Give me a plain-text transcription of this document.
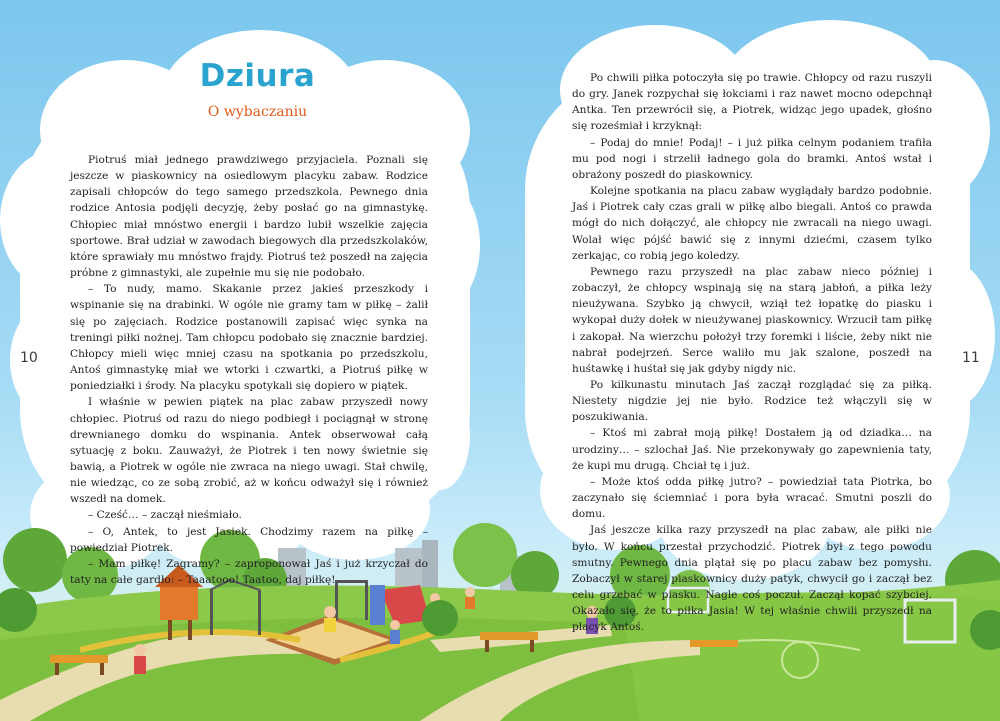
Dziura
O wybaczaniu
10	11

Piotruś miał jednego prawdziwego przyjaciela. Poznali się jeszcze w piaskownicy na osiedlowym placyku zabaw. Rodzice zapisali chłopców do tego samego przedszkola. Pewnego dnia rodzice Antosia podjęli decyzję, żeby posłać go na gimnastykę. Chłopiec miał mnóstwo energii i bardzo lubił wszelkie zajęcia sportowe. Brał udział w zawodach biegowych dla przedszkolaków, które sprawiały mu mnóstwo frajdy. Piotruś też poszedł na zajęcia próbne z gimnastyki, ale zupełnie mu się nie podobało.

– To nudy, mamo. Skakanie przez jakieś przeszkody i wspinanie się na drabinki. W ogóle nie gramy tam w piłkę – żalił się po zajęciach. Rodzice postanowili zapisać więc synka na treningi piłki nożnej. Tam chłopcu podobało się znacznie bardziej. Chłopcy mieli więc mniej czasu na spotkania po przedszkolu, Antoś gimnastykę miał we wtorki i czwartki, a Piotruś piłkę w poniedziałki i środy. Na placyku spotykali się dopiero w piątek.

I właśnie w pewien piątek na plac zabaw przyszedł nowy chłopiec. Piotruś od razu do niego podbiegł i pociągnął w stronę drewnianego domku do wspinania. Antek obserwował całą sytuację z boku. Zauważył, że Piotrek i ten nowy świetnie się bawią, a Piotrek w ogóle nie zwraca na niego uwagi. Stał chwilę, nie wiedząc, co ze sobą zrobić, aż w końcu odważył się i również wszedł na domek.

– Cześć… – zaczął nieśmiało.

– O, Antek, to jest Jasiek. Chodzimy razem na piłkę – powiedział Piotrek.

– Mam piłkę! Zagramy? – zaproponował Jaś i już krzyczał do taty na całe gardło: – Taaatooo! Taatoo, daj piłkę!

Po chwili piłka potoczyła się po trawie. Chłopcy od razu ruszyli do gry. Janek rozpychał się łokciami i raz nawet mocno odepchnął Antka. Ten przewrócił się, a Piotrek, widząc jego upadek, głośno się roześmiał i krzyknął:

– Podaj do mnie! Podaj! – i już piłka celnym podaniem trafiła mu pod nogi i strzelił ładnego gola do bramki. Antoś wstał i obrażony poszedł do piaskownicy.

Kolejne spotkania na placu zabaw wyglądały bardzo podobnie. Jaś i Piotrek cały czas grali w piłkę albo biegali. Antoś co prawda mógł do nich dołączyć, ale chłopcy nie zwracali na niego uwagi. Wolał więc pójść bawić się z innymi dziećmi, czasem tylko zerkając, co robią jego koledzy.

Pewnego razu przyszedł na plac zabaw nieco później i zobaczył, że chłopcy wspinają się na starą jabłoń, a piłka leży nieużywana. Szybko ją chwycił, wziął też łopatkę do piasku i wykopał duży dołek w nieużywanej piaskownicy. Wrzucił tam piłkę i zakopał. Na wierzchu położył trzy foremki i liście, żeby nikt nie nabrał podejrzeń. Serce waliło mu jak szalone, poszedł na huśtawkę i huśtał się jak gdyby nigdy nic.

Po kilkunastu minutach Jaś zaczął rozglądać się za piłką. Niestety nigdzie jej nie było. Rodzice też włączyli się w poszukiwania.

– Ktoś mi zabrał moją piłkę! Dostałem ją od dziadka… na urodziny… – szlochał Jaś. Nie przekonywały go zapewnienia taty, że kupi mu drugą. Chciał tę i już.

– Może ktoś odda piłkę jutro? – powiedział tata Piotrka, bo zaczynało się ściemniać i pora była wracać. Smutni poszli do domu.

Jaś jeszcze kilka razy przyszedł na plac zabaw, ale piłki nie było. W końcu przestał przychodzić. Piotrek był z tego powodu smutny. Pewnego dnia plątał się po placu zabaw bez pomysłu. Zobaczył w starej piaskownicy duży patyk, chwycił go i zaczął bez celu grzebać w piasku. Nagle coś poczuł. Zaczął kopać szybciej. Okazało się, że to piłka Jasia! W tej właśnie chwili przyszedł na placyk Antoś.
